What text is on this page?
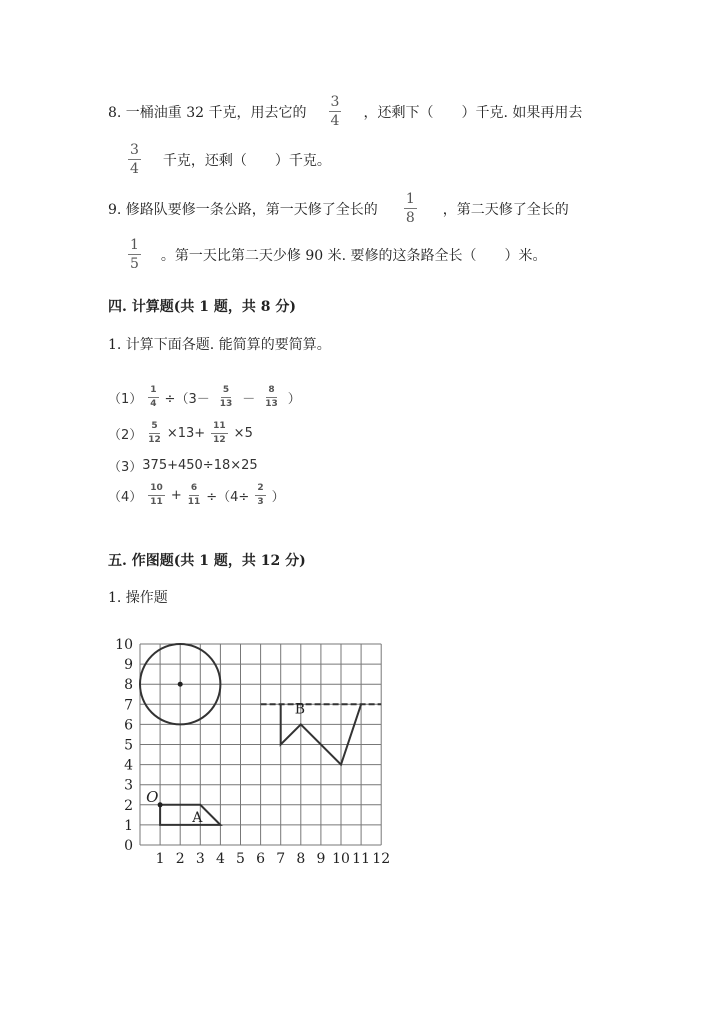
8. 一桶油重 32 千克，用去它的 $\frac{3}{4}$ ，还剩下（　　）千克. 如果再用去
$\frac{3}{4}$ 千克，还剩（　　）千克。
9. 修路队要修一条公路，第一天修了全长的 $\frac{1}{8}$ ，第二天修了全长的
$\frac{1}{5}$ 。第一天比第二天少修 90 米. 要修的这条路全长（　　）米。
四. 计算题(共 1 题，共 8 分)
1. 计算下面各题. 能简算的要简算。
$(1) \frac{1}{4} \div(3- \frac{5}{13} - \frac{8}{13}$ ）
$(2) \frac{5}{12} \times 13+ \frac{11}{12} \times 5$
（3） 375+450÷18×25
$(4) \frac{10}{11} + \frac{6}{11} \div(4\div \frac{2}{3}$ ）
五. 作图题(共 1 题，共 12 分)
1. 操作题
1 2 3 4 5 6 7 8 9 10 11 12
0
1
2
3
4
5
6
7
8
9
10
O
A
B
